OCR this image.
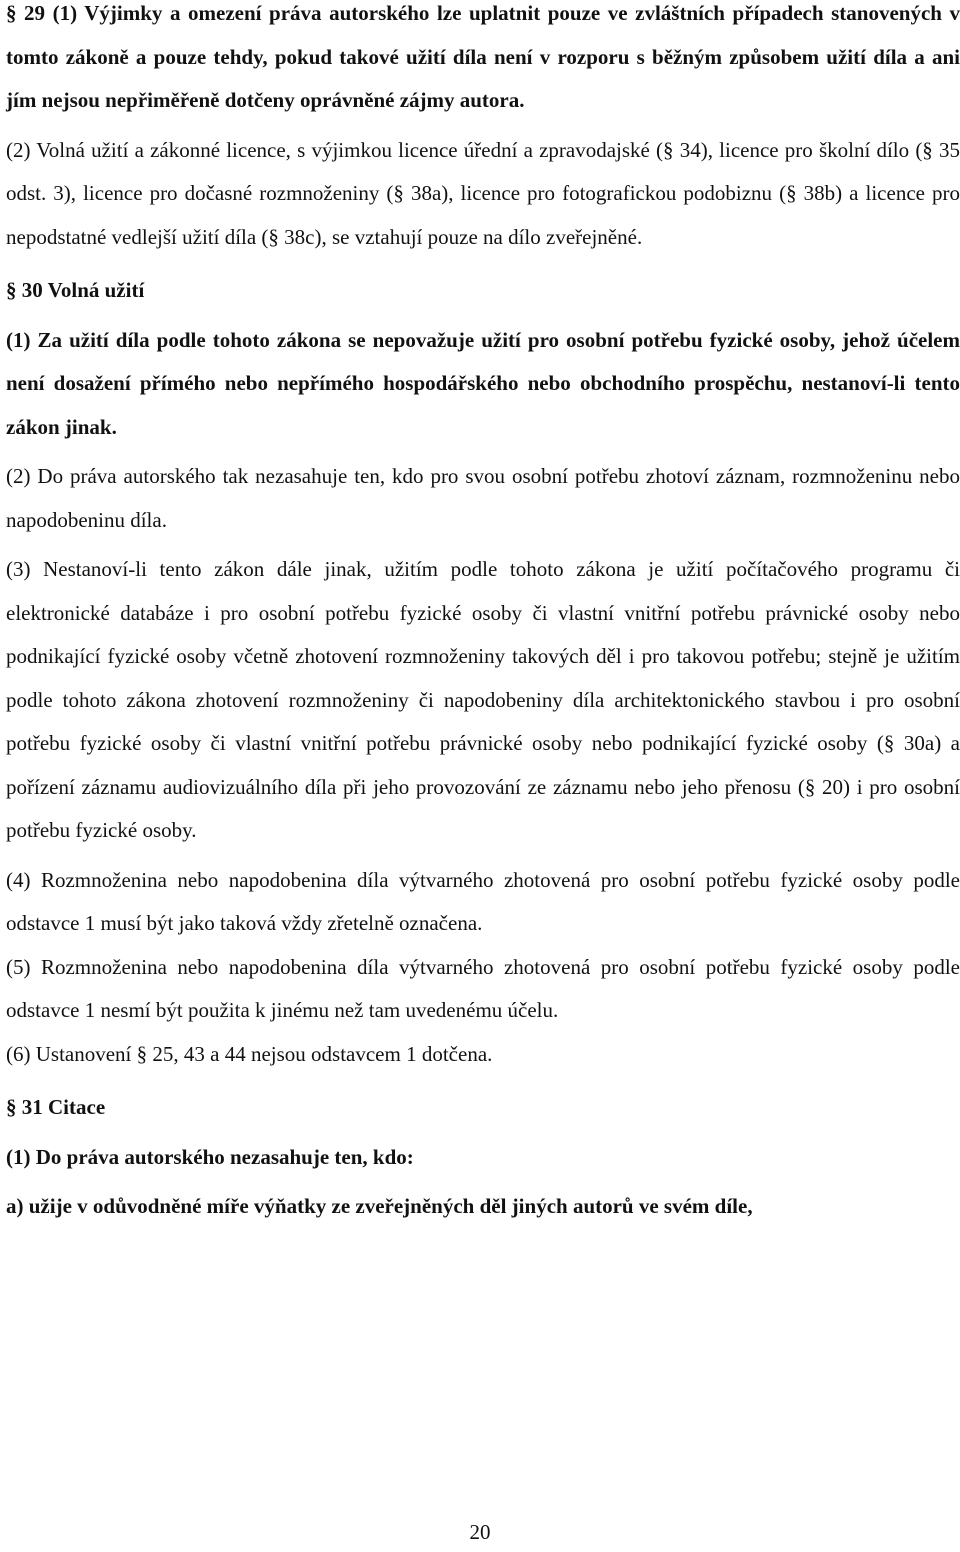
§ 29 (1) Výjimky a omezení práva autorského lze uplatnit pouze ve zvláštních případech stanovených v tomto zákoně a pouze tehdy, pokud takové užití díla není v rozporu s běžným způsobem užití díla a ani jím nejsou nepřiměřeně dotčeny oprávněné zájmy autora.

(2) Volná užití a zákonné licence, s výjimkou licence úřední a zpravodajské (§ 34), licence pro školní dílo (§ 35 odst. 3), licence pro dočasné rozmnoženiny (§ 38a), licence pro fotografickou podobiznu (§ 38b) a licence pro nepodstatné vedlejší užití díla (§ 38c), se vztahují pouze na dílo zveřejněné.

§ 30 Volná užití

(1) Za užití díla podle tohoto zákona se nepovažuje užití pro osobní potřebu fyzické osoby, jehož účelem není dosažení přímého nebo nepřímého hospodářského nebo obchodního prospěchu, nestanoví-li tento zákon jinak.

(2) Do práva autorského tak nezasahuje ten, kdo pro svou osobní potřebu zhotoví záznam, rozmnoženinu nebo napodobeninu díla.

(3) Nestanoví-li tento zákon dále jinak, užitím podle tohoto zákona je užití počítačového programu či elektronické databáze i pro osobní potřebu fyzické osoby či vlastní vnitřní potřebu právnické osoby nebo podnikající fyzické osoby včetně zhotovení rozmnoženiny takových děl i pro takovou potřebu; stejně je užitím podle tohoto zákona zhotovení rozmnoženiny či napodobeniny díla architektonického stavbou i pro osobní potřebu fyzické osoby či vlastní vnitřní potřebu právnické osoby nebo podnikající fyzické osoby (§ 30a) a pořízení záznamu audiovizuálního díla při jeho provozování ze záznamu nebo jeho přenosu (§ 20) i pro osobní potřebu fyzické osoby.

(4) Rozmnoženina nebo napodobenina díla výtvarného zhotovená pro osobní potřebu fyzické osoby podle odstavce 1 musí být jako taková vždy zřetelně označena.

(5) Rozmnoženina nebo napodobenina díla výtvarného zhotovená pro osobní potřebu fyzické osoby podle odstavce 1 nesmí být použita k jinému než tam uvedenému účelu.

(6) Ustanovení § 25, 43 a 44 nejsou odstavcem 1 dotčena.

§ 31 Citace

(1) Do práva autorského nezasahuje ten, kdo:

a) užije v odůvodněné míře výňatky ze zveřejněných děl jiných autorů ve svém díle,

20
